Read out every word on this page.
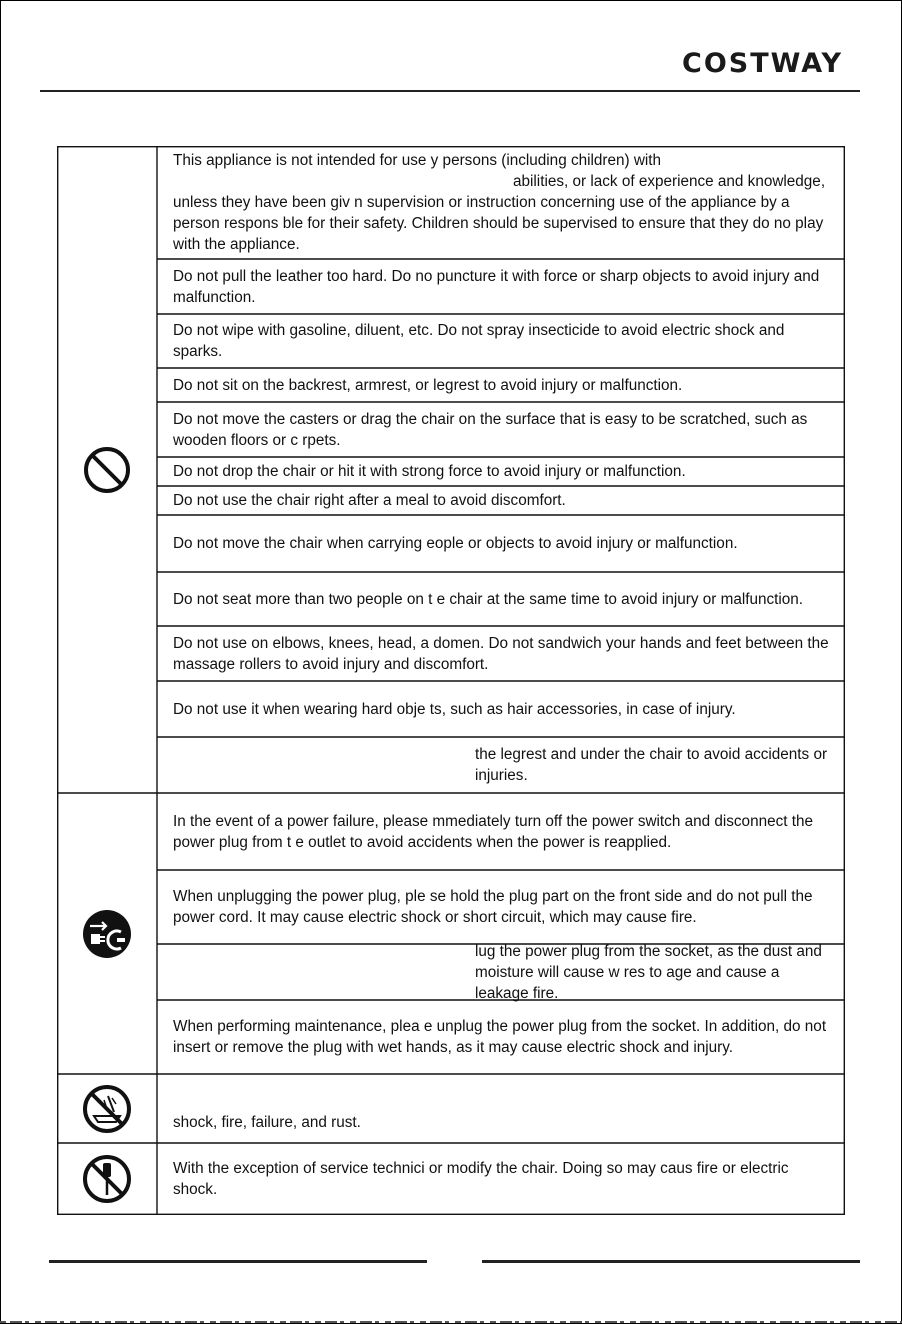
COSTWAY
This appliance is not intended for use y persons (including children) with                                                                                 abilities, or lack of experience and knowledge, unless they have been giv n supervision or instruction concerning use of the appliance by a person respons ble for their safety. Children should be supervised to ensure that they do no play with the appliance.
Do not pull the leather too hard. Do no puncture it with force or sharp objects to avoid injury and malfunction.
Do not wipe with gasoline, diluent, etc. Do not spray insecticide to avoid electric shock and sparks.
Do not sit on the backrest, armrest, or legrest to avoid injury or malfunction.
Do not move the casters or drag the chair on the surface that is easy to be scratched, such as wooden floors or c rpets.
Do not drop the chair or hit it with strong force to avoid injury or malfunction.
Do not use the chair right after a meal to avoid discomfort.
Do not move the chair when carrying eople or objects to avoid injury or malfunction.
Do not seat more than two people on t e chair at the same time to avoid injury or malfunction.
Do not use on elbows, knees, head, a domen. Do not sandwich your hands and feet between the massage rollers to avoid injury and discomfort.
Do not use it when wearing hard obje ts, such as hair accessories, in case of injury.
the legrest and under the chair to avoid accidents or injuries.
In the event of a power failure, please mmediately turn off the power switch and disconnect the power plug from t e outlet to avoid accidents when the power is reapplied.
When unplugging the power plug, ple se hold the plug part on the front side and do not pull the power cord. It may cause electric shock or short circuit, which may cause fire.
lug the power plug from the socket, as the dust and moisture will cause w res to age and cause a leakage fire.
When performing maintenance, plea e unplug the power plug from the socket. In addition, do not insert or remove the plug with wet hands, as it may cause electric shock and injury.
shock, fire, failure, and rust.
With the exception of service technici or modify the chair. Doing so may caus fire or electric shock.
